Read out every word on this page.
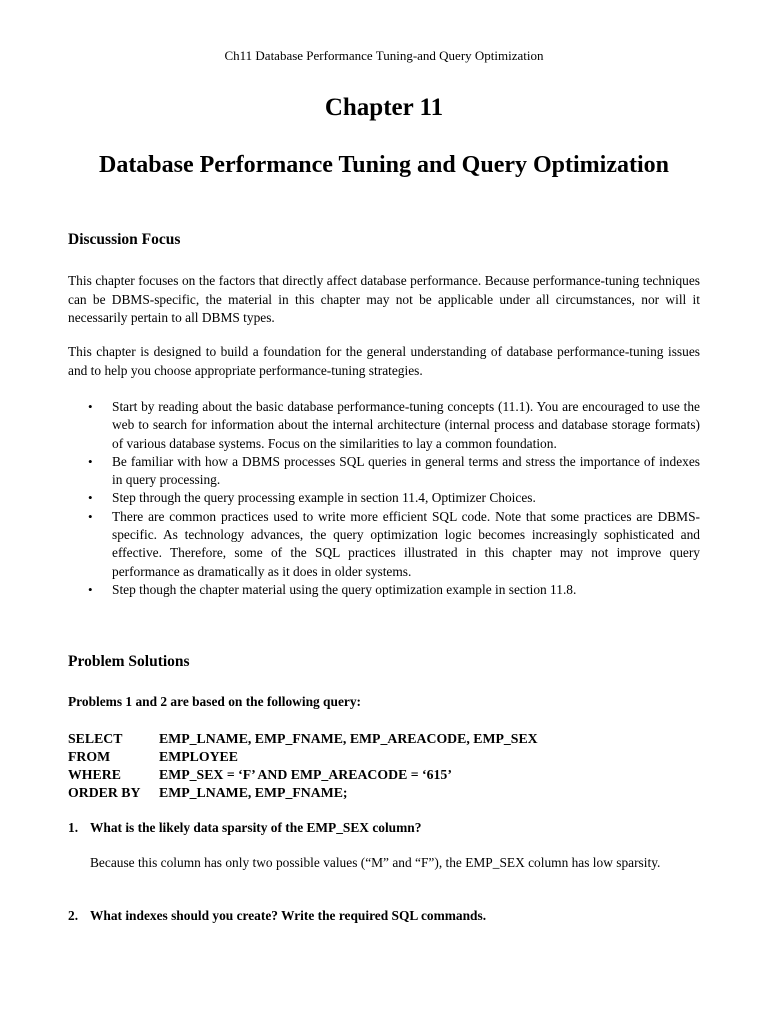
Ch11 Database Performance Tuning-and Query Optimization
Chapter 11
Database Performance Tuning and Query Optimization
Discussion Focus
This chapter focuses on the factors that directly affect database performance. Because performance-tuning techniques can be DBMS-specific, the material in this chapter may not be applicable under all circumstances, nor will it necessarily pertain to all DBMS types.
This chapter is designed to build a foundation for the general understanding of database performance-tuning issues and to help you choose appropriate performance-tuning strategies.
• Start by reading about the basic database performance-tuning concepts (11.1). You are encouraged to use the web to search for information about the internal architecture (internal process and database storage formats) of various database systems. Focus on the similarities to lay a common foundation.
• Be familiar with how a DBMS processes SQL queries in general terms and stress the importance of indexes in query processing.
• Step through the query processing example in section 11.4, Optimizer Choices.
• There are common practices used to write more efficient SQL code. Note that some practices are DBMS-specific. As technology advances, the query optimization logic becomes increasingly sophisticated and effective. Therefore, some of the SQL practices illustrated in this chapter may not improve query performance as dramatically as it does in older systems.
• Step though the chapter material using the query optimization example in section 11.8.
Problem Solutions
Problems 1 and 2 are based on the following query:
SELECT	EMP_LNAME, EMP_FNAME, EMP_AREACODE, EMP_SEX
FROM	EMPLOYEE
WHERE	EMP_SEX = ‘F’ AND EMP_AREACODE = ‘615’
ORDER BY	EMP_LNAME, EMP_FNAME;
1. What is the likely data sparsity of the EMP_SEX column?
Because this column has only two possible values (“M” and “F”), the EMP_SEX column has low sparsity.
2. What indexes should you create? Write the required SQL commands.
